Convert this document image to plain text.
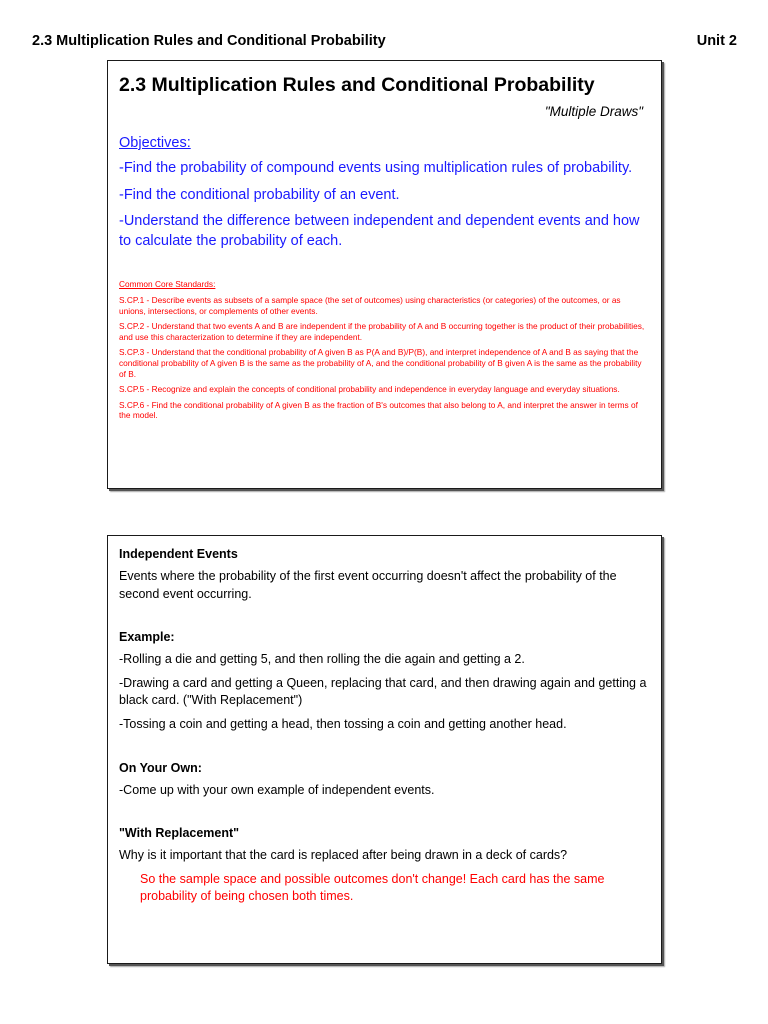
2.3 Multiplication Rules and Conditional Probability	Unit 2
2.3 Multiplication Rules and Conditional Probability
"Multiple Draws"
Objectives:
-Find the probability of compound events using multiplication rules of probability.
-Find the conditional probability of an event.
-Understand the difference between independent and dependent events and how to calculate the probability of each.
Common Core Standards:
S.CP.1 - Describe events as subsets of a sample space (the set of outcomes) using characteristics (or categories) of the outcomes, or as unions, intersections, or complements of other events.
S.CP.2 - Understand that two events A and B are independent if the probability of A and B occurring together is the product of their probabilities, and use this characterization to determine if they are independent.
S.CP.3 - Understand that the conditional probability of A given B as P(A and B)/P(B), and interpret independence of A and B as saying that the conditional probability of A given B is the same as the probability of A, and the conditional probability of B given A is the same as the probability of B.
S.CP.5 - Recognize and explain the concepts of conditional probability and independence in everyday language and everyday situations.
S.CP.6 - Find the conditional probability of A given B as the fraction of B's outcomes that also belong to A, and interpret the answer in terms of the model.
Independent Events
Events where the probability of the first event occurring doesn't affect the probability of the second event occurring.
Example:
-Rolling a die and getting 5, and then rolling the die again and getting a 2.
-Drawing a card and getting a Queen, replacing that card, and then drawing again and getting a black card. ("With Replacement")
-Tossing a coin and getting a head, then tossing a coin and getting another head.
On Your Own:
-Come up with your own example of independent events.
"With Replacement"
Why is it important that the card is replaced after being drawn in a deck of cards?
So the sample space and possible outcomes don't change! Each card has the same probability of being chosen both times.
